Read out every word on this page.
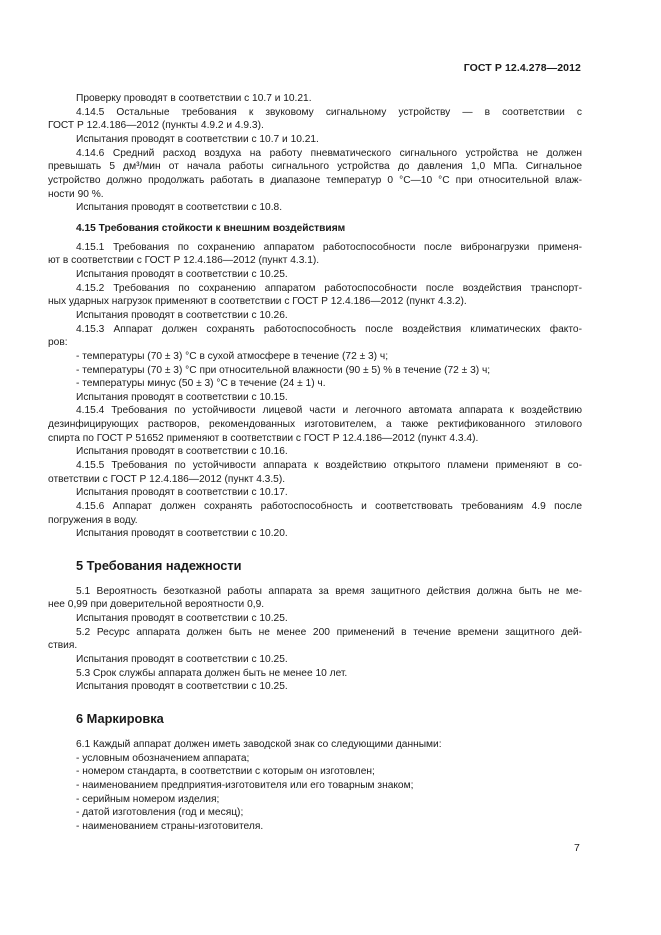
ГОСТ Р 12.4.278—2012
Проверку проводят в соответствии с 10.7 и 10.21.
4.14.5 Остальные требования к звуковому сигнальному устройству — в соответствии с
ГОСТ Р 12.4.186—2012 (пункты 4.9.2 и 4.9.3).
Испытания проводят в соответствии с 10.7 и 10.21.
4.14.6 Средний расход воздуха на работу пневматического сигнального устройства не должен
превышать 5 дм³/мин от начала работы сигнального устройства до давления 1,0 МПа. Сигнальное
устройство должно продолжать работать в диапазоне температур 0 °С—10 °С при относительной влаж-
ности 90 %.
Испытания проводят в соответствии с 10.8.
4.15 Требования стойкости к внешним воздействиям
4.15.1 Требования по сохранению аппаратом работоспособности после вибронагрузки применя-
ют в соответствии с ГОСТ Р 12.4.186—2012 (пункт 4.3.1).
Испытания проводят в соответствии с 10.25.
4.15.2 Требования по сохранению аппаратом работоспособности после воздействия транспорт-
ных ударных нагрузок применяют в соответствии с ГОСТ Р 12.4.186—2012 (пункт 4.3.2).
Испытания проводят в соответствии с 10.26.
4.15.3 Аппарат должен сохранять работоспособность после воздействия климатических факто-
ров:
- температуры (70 ± 3) °С в сухой атмосфере в течение (72 ± 3) ч;
- температуры (70 ± 3) °С при относительной влажности (90 ± 5) % в течение (72 ± 3) ч;
- температуры минус (50 ± 3) °С в течение (24 ± 1) ч.
Испытания проводят в соответствии с 10.15.
4.15.4 Требования по устойчивости лицевой части и легочного автомата аппарата к воздействию
дезинфицирующих растворов, рекомендованных изготовителем, а также ректификованного этилового
спирта по ГОСТ Р 51652 применяют в соответствии с ГОСТ Р 12.4.186—2012 (пункт 4.3.4).
Испытания проводят в соответствии с 10.16.
4.15.5 Требования по устойчивости аппарата к воздействию открытого пламени применяют в со-
ответствии с ГОСТ Р 12.4.186—2012 (пункт 4.3.5).
Испытания проводят в соответствии с 10.17.
4.15.6 Аппарат должен сохранять работоспособность и соответствовать требованиям 4.9 после
погружения в воду.
Испытания проводят в соответствии с 10.20.
5 Требования надежности
5.1 Вероятность безотказной работы аппарата за время защитного действия должна быть не ме-
нее 0,99 при доверительной вероятности 0,9.
Испытания проводят в соответствии с 10.25.
5.2 Ресурс аппарата должен быть не менее 200 применений в течение времени защитного дей-
ствия.
Испытания проводят в соответствии с 10.25.
5.3 Срок службы аппарата должен быть не менее 10 лет.
Испытания проводят в соответствии с 10.25.
6 Маркировка
6.1 Каждый аппарат должен иметь заводской знак со следующими данными:
- условным обозначением аппарата;
- номером стандарта, в соответствии с которым он изготовлен;
- наименованием предприятия-изготовителя или его товарным знаком;
- серийным номером изделия;
- датой изготовления (год и месяц);
- наименованием страны-изготовителя.
7
